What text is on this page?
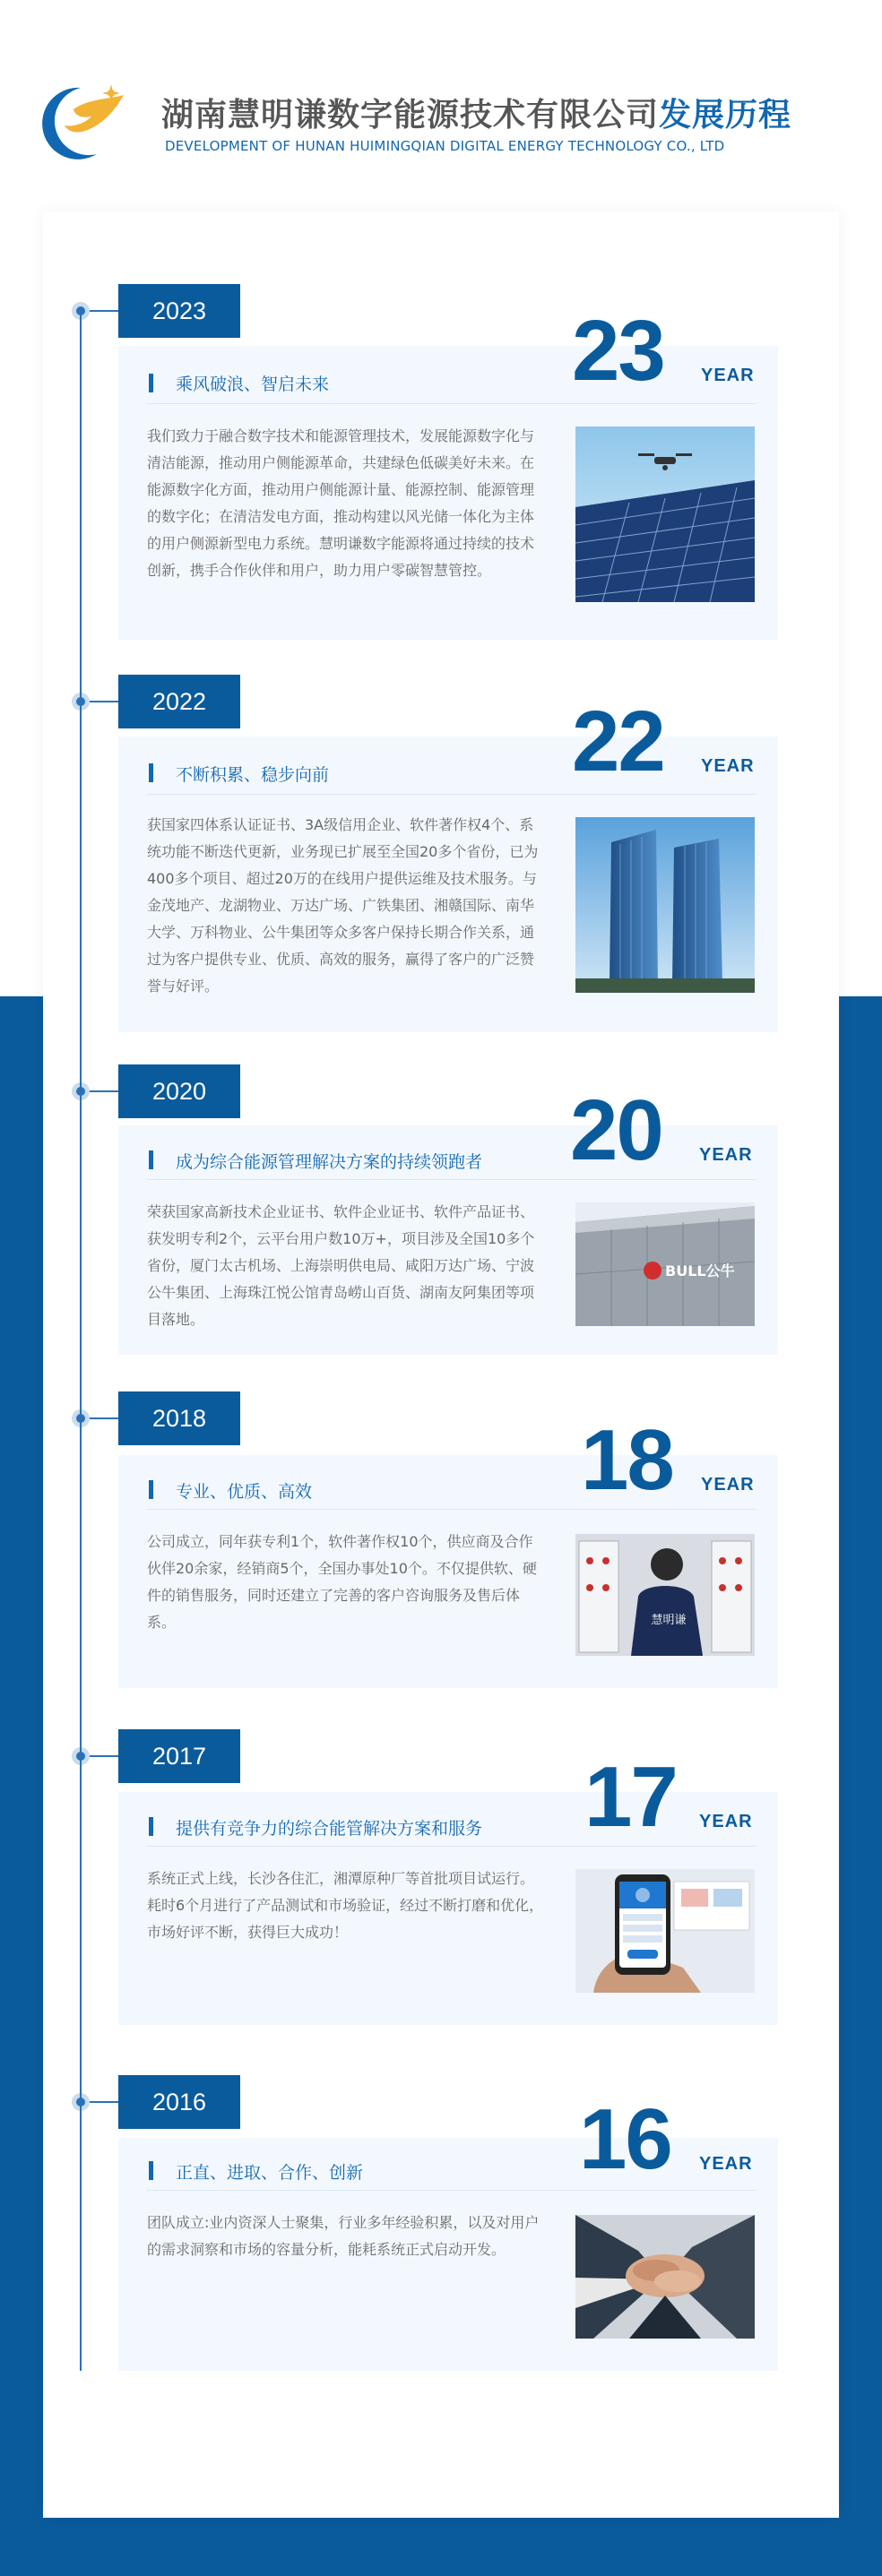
湖南慧明谦数字能源技术有限公司发展历程
DEVELOPMENT OF HUNAN HUIMINGQIAN DIGITAL ENERGY TECHNOLOGY CO., LTD
2023	23 YEAR
乘风破浪、智启未来
我们致力于融合数字技术和能源管理技术，发展能源数字化与清洁能源，推动用户侧能源革命，共建绿色低碳美好未来。在能源数字化方面，推动用户侧能源计量、能源控制、能源管理的数字化；在清洁发电方面，推动构建以风光储一体化为主体的用户侧源新型电力系统。慧明谦数字能源将通过持续的技术创新，携手合作伙伴和用户，助力用户零碳智慧管控。
2022	22 YEAR
不断积累、稳步向前
获国家四体系认证证书、3A级信用企业、软件著作权4个、系统功能不断迭代更新，业务现已扩展至全国20多个省份，已为400多个项目、超过20万的在线用户提供运维及技术服务。与金茂地产、龙湖物业、万达广场、广铁集团、湘赣国际、南华大学、万科物业、公牛集团等众多客户保持长期合作关系，通过为客户提供专业、优质、高效的服务，赢得了客户的广泛赞誉与好评。
2020	20 YEAR
成为综合能源管理解决方案的持续领跑者
荣获国家高新技术企业证书、软件企业证书、软件产品证书、获发明专利2个，云平台用户数10万+，项目涉及全国10多个省份，厦门太古机场、上海崇明供电局、咸阳万达广场、宁波公牛集团、上海珠江悦公馆青岛崂山百货、湖南友阿集团等项目落地。
BULL公牛
2018	18 YEAR
专业、优质、高效
公司成立，同年获专利1个，软件著作权10个，供应商及合作伙伴20余家，经销商5个，全国办事处10个。不仅提供软、硬件的销售服务，同时还建立了完善的客户咨询服务及售后体系。	慧明谦
2017	17 YEAR
提供有竞争力的综合能管解决方案和服务
系统正式上线，长沙各住汇，湘潭原种厂等首批项目试运行。耗时6个月进行了产品测试和市场验证，经过不断打磨和优化，市场好评不断，获得巨大成功！
2016	16 YEAR
正直、进取、合作、创新
团队成立:业内资深人士聚集，行业多年经验积累，以及对用户的需求洞察和市场的容量分析，能耗系统正式启动开发。
